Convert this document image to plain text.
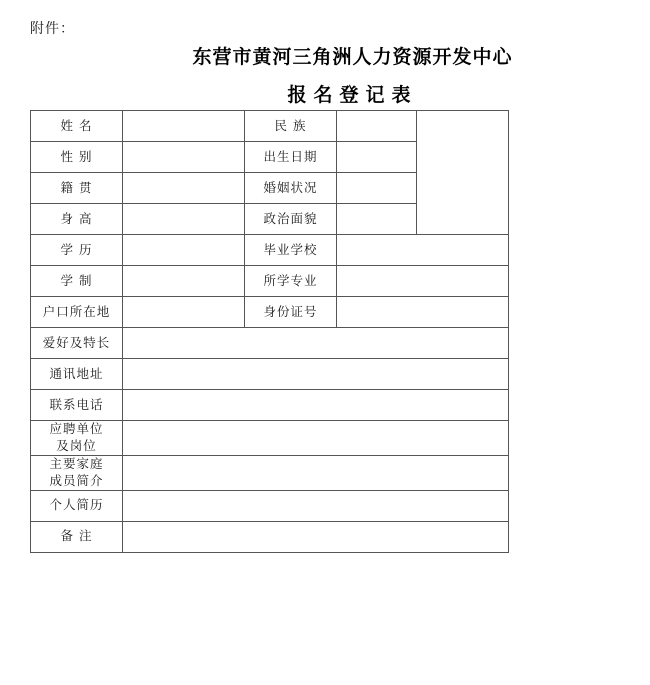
附件：
东营市黄河三角洲人力资源开发中心
报名登记表
姓 名		民 族		
性 别		出生日期		
籍 贯		婚姻状况		
身 高		政治面貌		
学 历		毕业学校		
学 制		所学专业		
户口所在地		身份证号		
爱好及特长				
通讯地址				
联系电话				

应聘单位
及岗位				

主要家庭
成员简介				

个人简历				
备 注				
